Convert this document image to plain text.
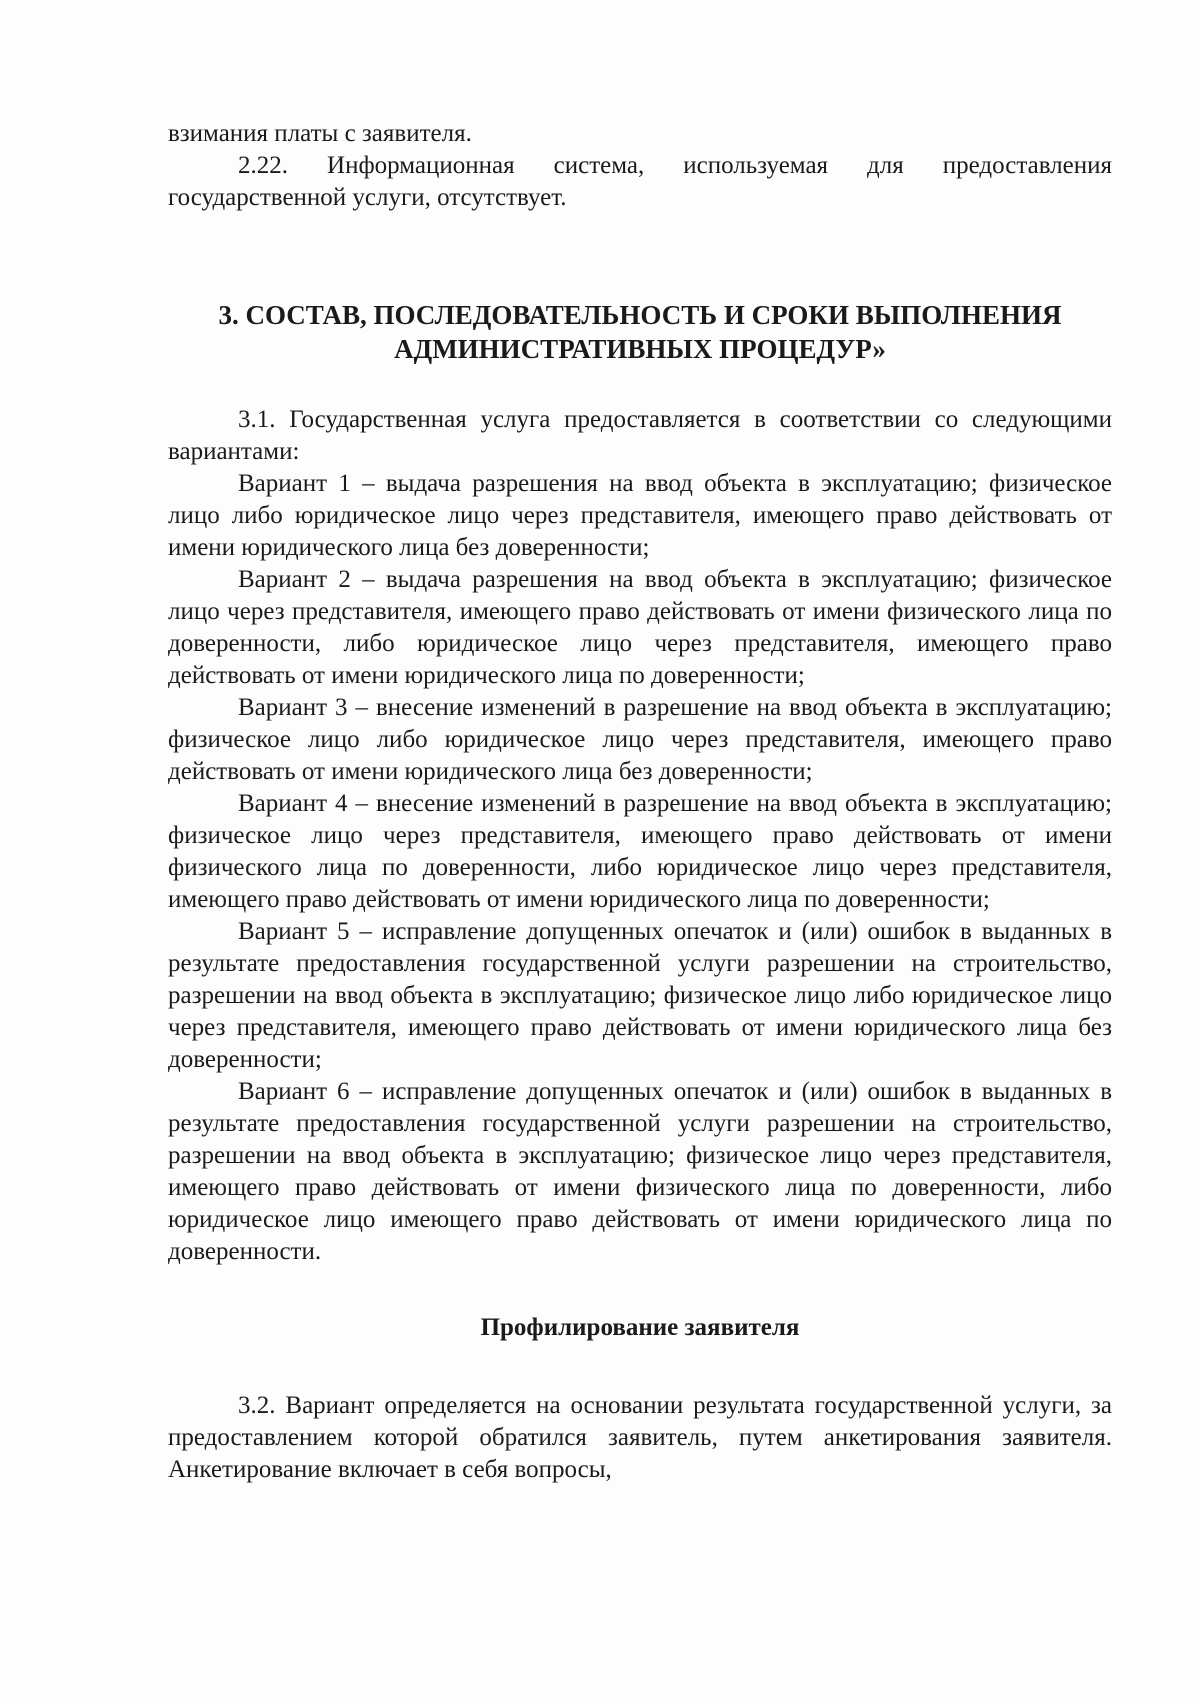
взимания платы с заявителя.

2.22. Информационная система, используемая для предоставления государственной услуги, отсутствует.

3. СОСТАВ, ПОСЛЕДОВАТЕЛЬНОСТЬ И СРОКИ ВЫПОЛНЕНИЯ АДМИНИСТРАТИВНЫХ ПРОЦЕДУР»

3.1. Государственная услуга предоставляется в соответствии со следующими вариантами:

Вариант 1 – выдача разрешения на ввод объекта в эксплуатацию; физическое лицо либо юридическое лицо через представителя, имеющего право действовать от имени юридического лица без доверенности;

Вариант 2 – выдача разрешения на ввод объекта в эксплуатацию; физическое лицо через представителя, имеющего право действовать от имени физического лица по доверенности, либо юридическое лицо через представителя, имеющего право действовать от имени юридического лица по доверенности;

Вариант 3 – внесение изменений в разрешение на ввод объекта в эксплуатацию; физическое лицо либо юридическое лицо через представителя, имеющего право действовать от имени юридического лица без доверенности;

Вариант 4 – внесение изменений в разрешение на ввод объекта в эксплуатацию; физическое лицо через представителя, имеющего право действовать от имени физического лица по доверенности, либо юридическое лицо через представителя, имеющего право действовать от имени юридического лица по доверенности;

Вариант 5 – исправление допущенных опечаток и (или) ошибок в выданных в результате предоставления государственной услуги разрешении на строительство, разрешении на ввод объекта в эксплуатацию; физическое лицо либо юридическое лицо через представителя, имеющего право действовать от имени юридического лица без доверенности;

Вариант 6 – исправление допущенных опечаток и (или) ошибок в выданных в результате предоставления государственной услуги разрешении на строительство, разрешении на ввод объекта в эксплуатацию; физическое лицо через представителя, имеющего право действовать от имени физического лица по доверенности, либо юридическое лицо имеющего право действовать от имени юридического лица по доверенности.

Профилирование заявителя

3.2. Вариант определяется на основании результата государственной услуги, за предоставлением которой обратился заявитель, путем анкетирования заявителя. Анкетирование включает в себя вопросы,
